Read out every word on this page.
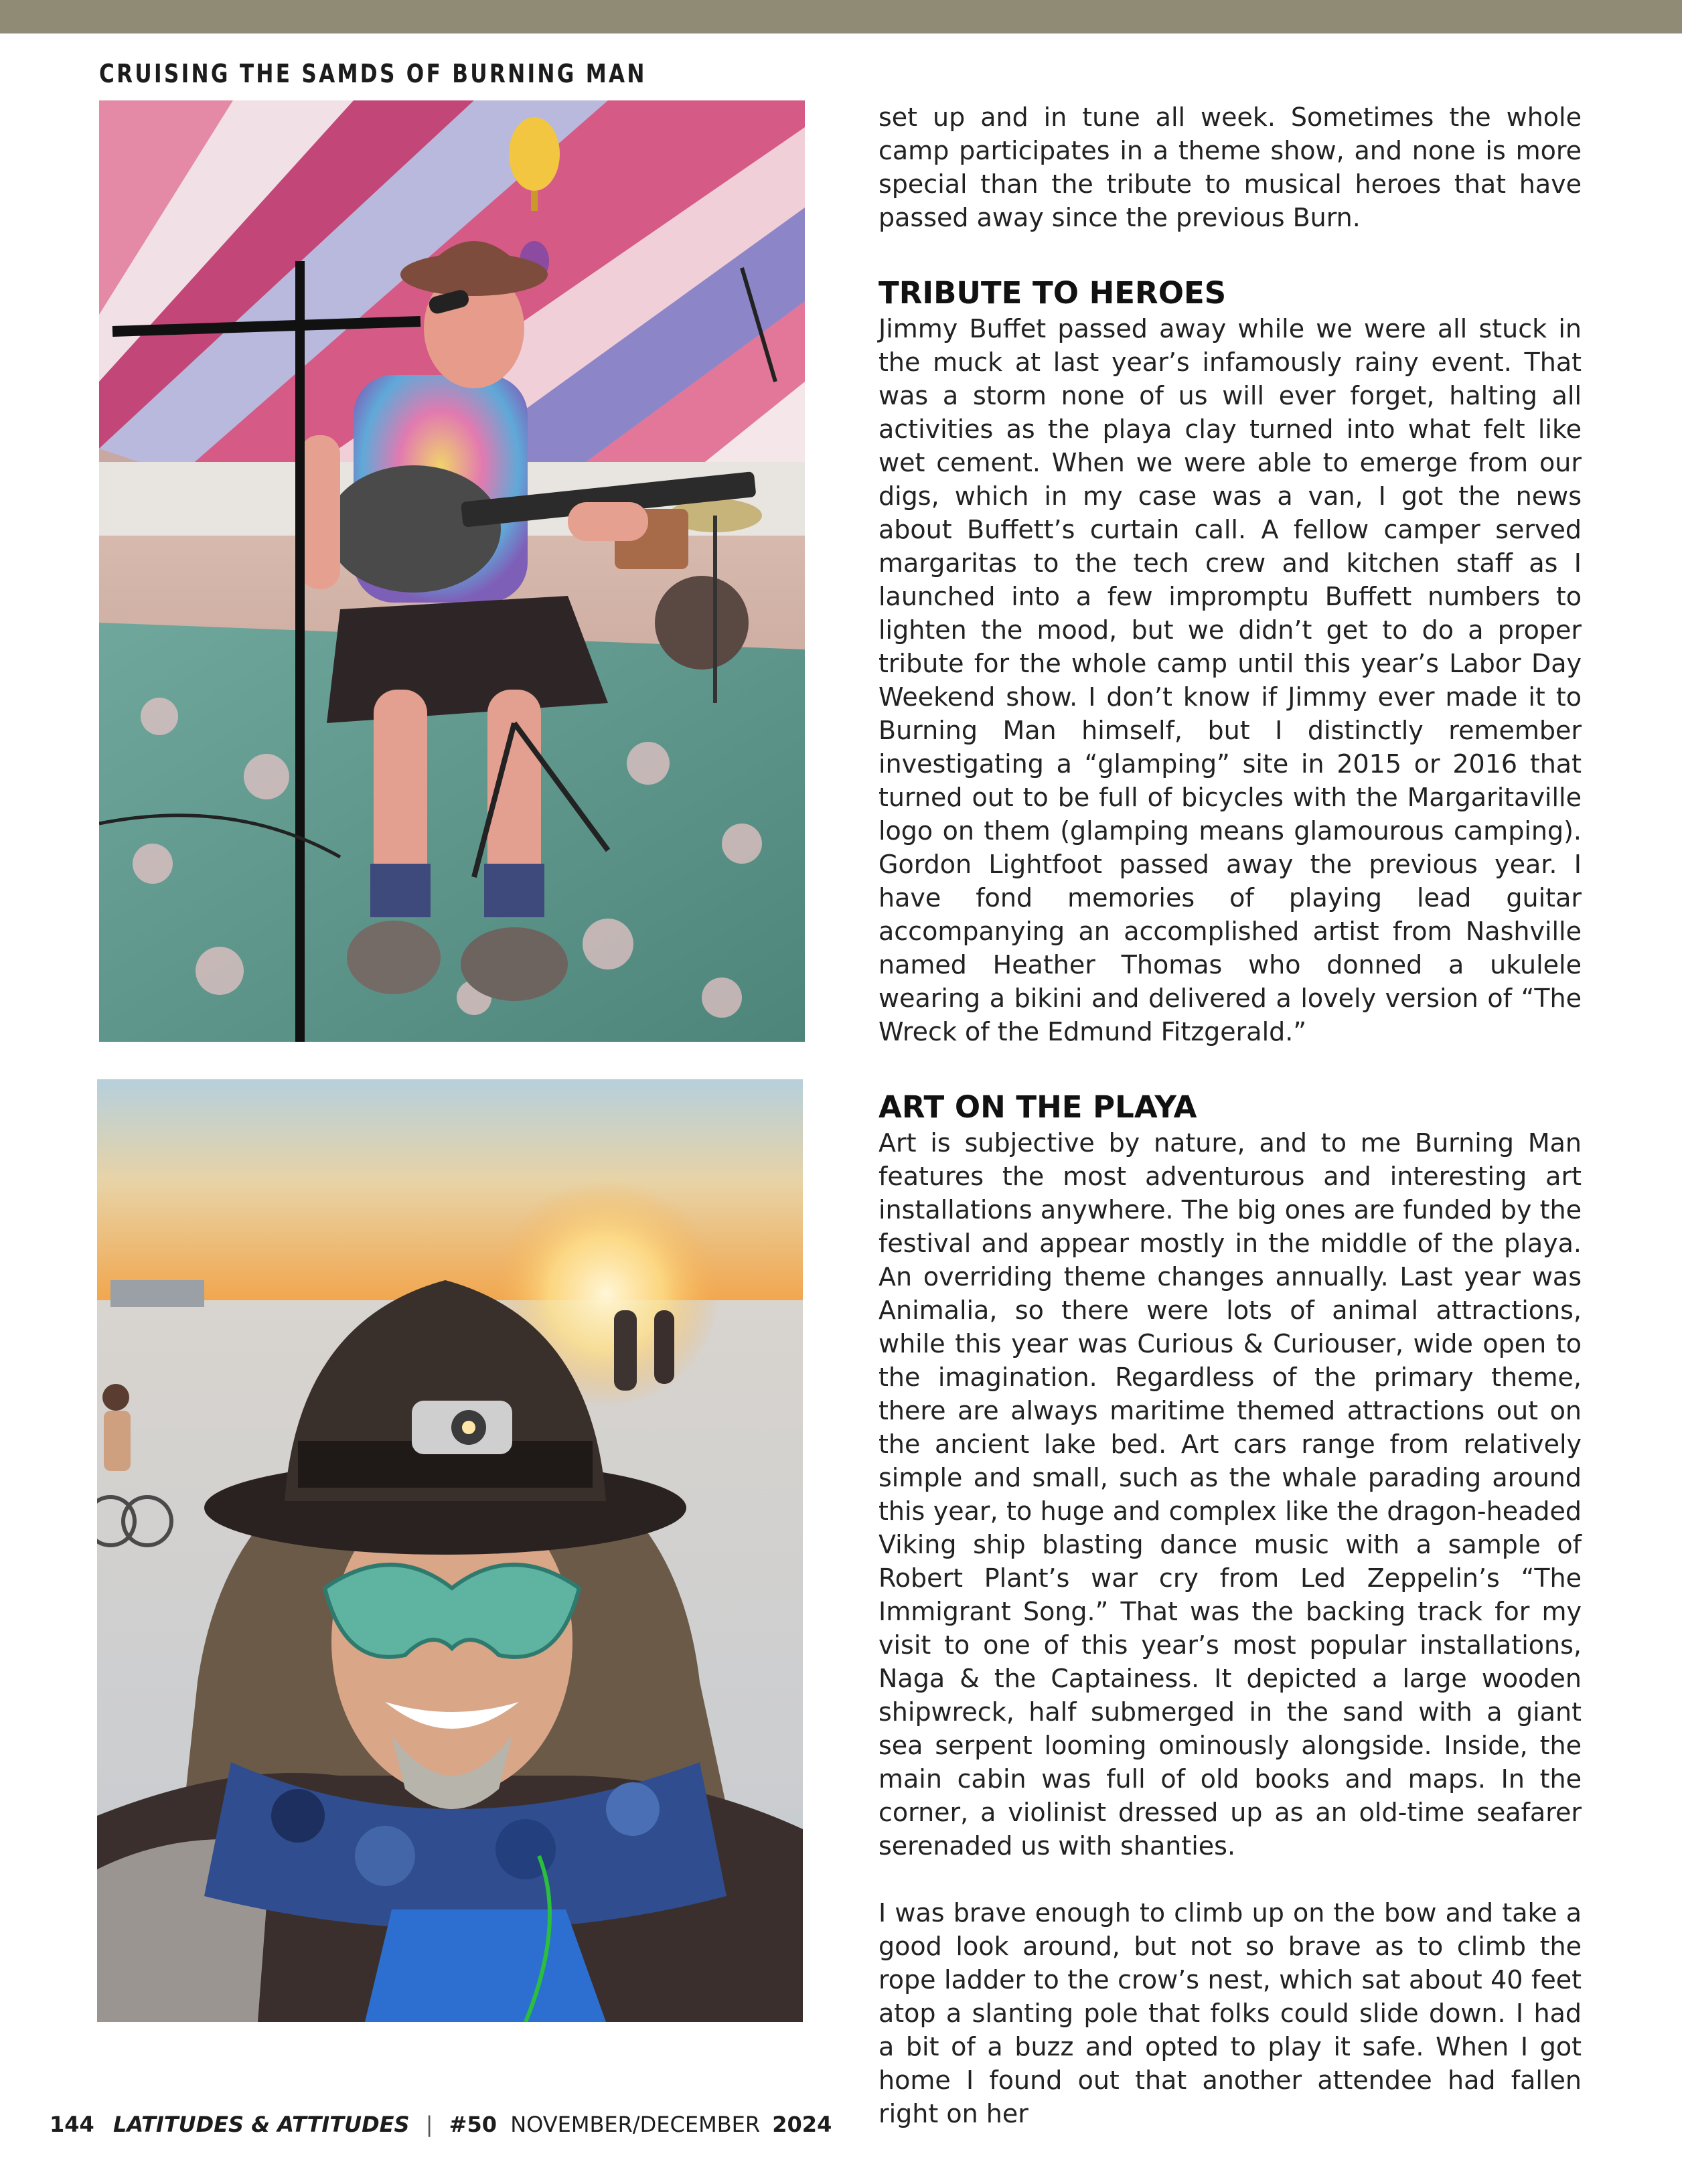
CRUISING THE SAMDS OF BURNING MAN

set up and in tune all week. Sometimes the whole camp participates in a theme show, and none is more special than the tribute to musical heroes that have passed away since the previous Burn.

TRIBUTE TO HEROES

Jimmy Buffet passed away while we were all stuck in the muck at last year’s infamously rainy event. That was a storm none of us will ever forget, halting all activities as the playa clay turned into what felt like wet cement. When we were able to emerge from our digs, which in my case was a van, I got the news about Buffett’s curtain call. A fellow camper served margaritas to the tech crew and kitchen staff as I launched into a few impromptu Buffett numbers to lighten the mood, but we didn’t get to do a proper tribute for the whole camp until this year’s Labor Day Weekend show. I don’t know if Jimmy ever made it to Burning Man himself, but I distinctly remember investigating a “glamping” site in 2015 or 2016 that turned out to be full of bicycles with the Margaritaville logo on them (glamping means glamourous camping). Gordon Lightfoot passed away the previous year. I have fond memories of playing lead guitar accompanying an accomplished artist from Nashville named Heather Thomas who donned a ukulele wearing a bikini and delivered a lovely version of “The Wreck of the Edmund Fitzgerald.”

ART ON THE PLAYA

Art is subjective by nature, and to me Burning Man features the most adventurous and interesting art installations anywhere. The big ones are funded by the festival and appear mostly in the middle of the playa. An overriding theme changes annually. Last year was Animalia, so there were lots of animal attractions, while this year was Curious & Curiouser, wide open to the imagination. Regardless of the primary theme, there are always maritime themed attractions out on the ancient lake bed. Art cars range from relatively simple and small, such as the whale parading around this year, to huge and complex like the dragon-headed Viking ship blasting dance music with a sample of Robert Plant’s war cry from Led Zeppelin’s “The Immigrant Song.” That was the backing track for my visit to one of this year’s most popular installations, Naga & the Captainess. It depicted a large wooden shipwreck, half submerged in the sand with a giant sea serpent looming ominously alongside. Inside, the main cabin was full of old books and maps. In the corner, a violinist dressed up as an old-time seafarer serenaded us with shanties.

I was brave enough to climb up on the bow and take a good look around, but not so brave as to climb the rope ladder to the crow’s nest, which sat about 40 feet atop a slanting pole that folks could slide down. I had a bit of a buzz and opted to play it safe. When I got home I found out that another attendee had fallen right on her

144 LATITUDES & ATTITUDES | #50 NOVEMBER/DECEMBER 2024
